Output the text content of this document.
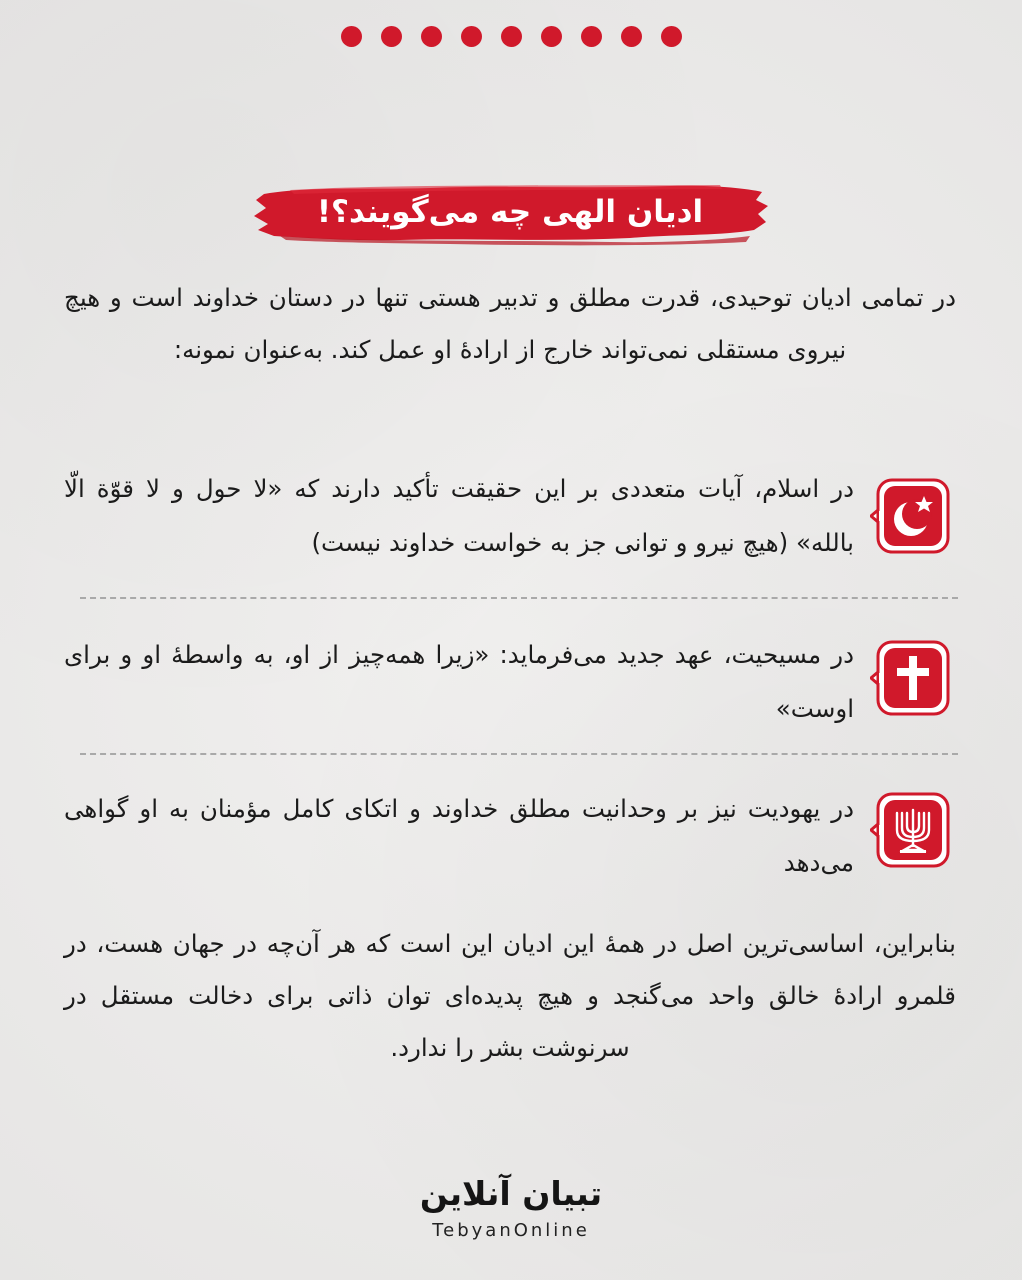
ادیان الهی چه می‌گویند؟!
در تمامی ادیان توحیدی، قدرت مطلق و تدبیر هستی تنها در دستان خداوند است و هیچ نیروی مستقلی نمی‌تواند خارج از ارادهٔ او عمل کند. به‌عنوان نمونه:
در اسلام، آیات متعددی بر این حقیقت تأکید دارند که «لا حول و لا قوّة الّا بالله» (هیچ نیرو و توانی جز به خواست خداوند نیست)
در مسیحیت، عهد جدید می‌فرماید: «زیرا همه‌چیز از او، به واسطهٔ او و برای اوست»
در یهودیت نیز بر وحدانیت مطلق خداوند و اتکای کامل مؤمنان به او گواهی می‌دهد
بنابراین، اساسی‌ترین اصل در همهٔ این ادیان این است که هر آن‌چه در جهان هست، در قلمرو ارادهٔ خالق واحد می‌گنجد و هیچ پدیده‌ای توان ذاتی برای دخالت مستقل در سرنوشت بشر را ندارد.
تبیان آنلاین
TebyanOnline
